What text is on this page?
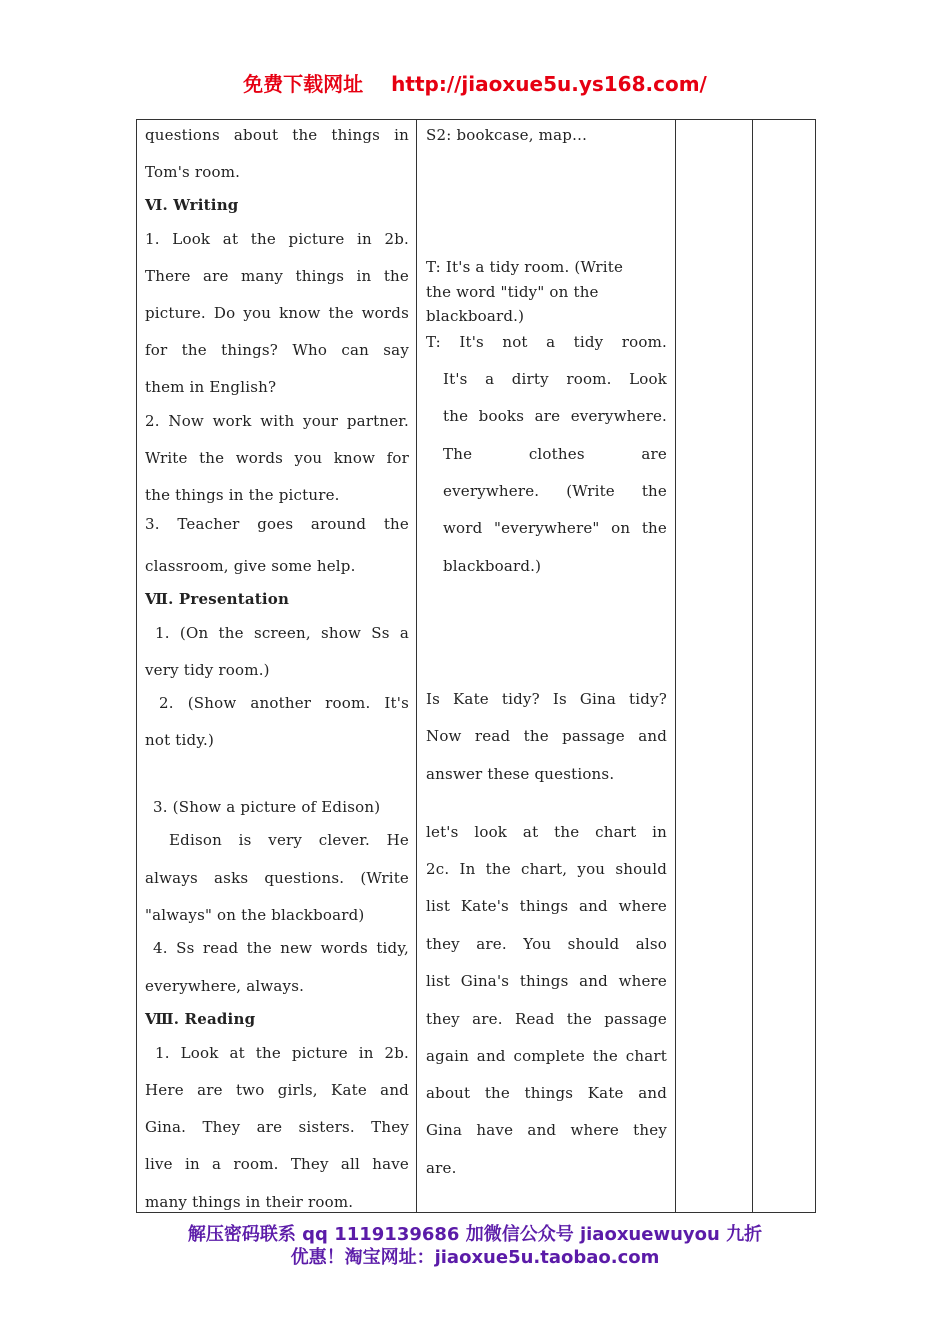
免费下载网址 http://jiaoxue5u.ys168.com/
questions about the things in
Tom's room.
Ⅵ. Writing
1. Look at the picture in 2b.
There are many things in the
picture. Do you know the words
for the things? Who can say
them in English?
2. Now work with your partner.
Write the words you know for
the things in the picture.
3. Teacher goes around the
classroom, give some help.
Ⅶ. Presentation
1. (On the screen, show Ss a
very tidy room.)
2. (Show another room. It's
not tidy.)
3. (Show a picture of Edison)
Edison is very clever. He
always asks questions. (Write
"always" on the blackboard)
4. Ss read the new words tidy,
everywhere, always.
Ⅷ. Reading
1. Look at the picture in 2b.
Here are two girls, Kate and
Gina. They are sisters. They
live in a room. They all have
many things in their room.
S2: bookcase, map…
T: It's a tidy room. (Write
the word "tidy" on the
blackboard.)
T: It's not a tidy room.
It's a dirty room. Look
the books are everywhere.
The clothes are
everywhere. (Write the
word "everywhere" on the
blackboard.)
Is Kate tidy? Is Gina tidy?
Now read the passage and
answer these questions.
let's look at the chart in
2c. In the chart, you should
list Kate's things and where
they are. You should also
list Gina's things and where
they are. Read the passage
again and complete the chart
about the things Kate and
Gina have and where they
are.
解压密码联系 qq 1119139686 加微信公众号 jiaoxuewuyou 九折
优惠！淘宝网址：jiaoxue5u.taobao.com
